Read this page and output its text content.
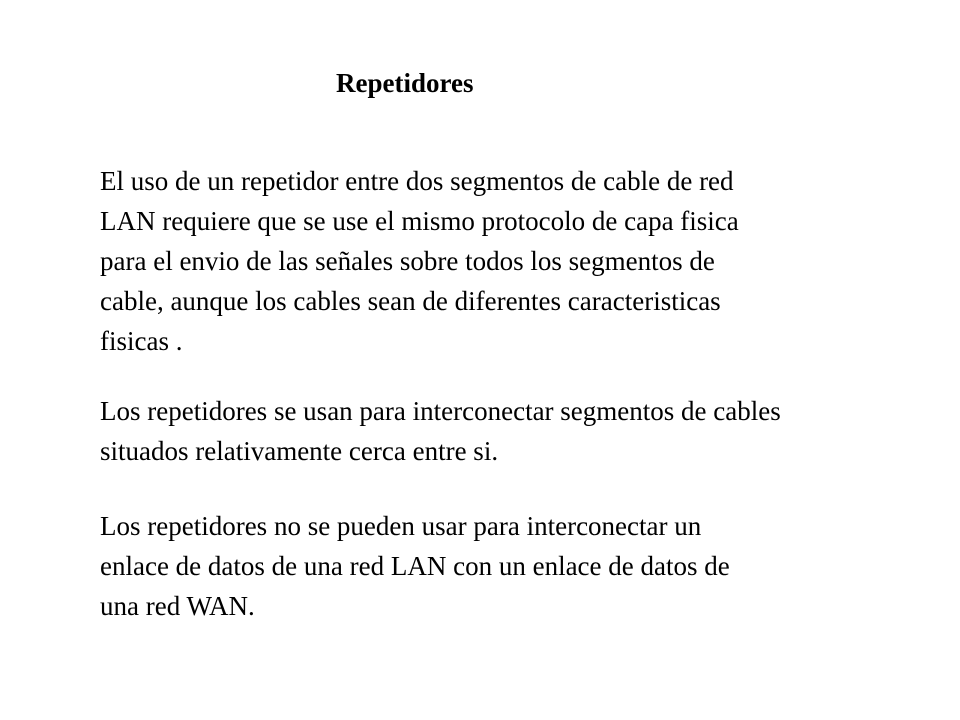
Repetidores
El uso de un repetidor entre dos segmentos de cable de red
LAN requiere que se use el mismo protocolo de capa fisica
para el envio de las señales sobre todos los segmentos de
cable, aunque los cables sean de diferentes caracteristicas
fisicas .
Los repetidores se usan para interconectar segmentos de cables
situados relativamente cerca entre si.
Los repetidores no se pueden usar para interconectar un
enlace de datos de una red LAN con un enlace de datos de
una red WAN.
